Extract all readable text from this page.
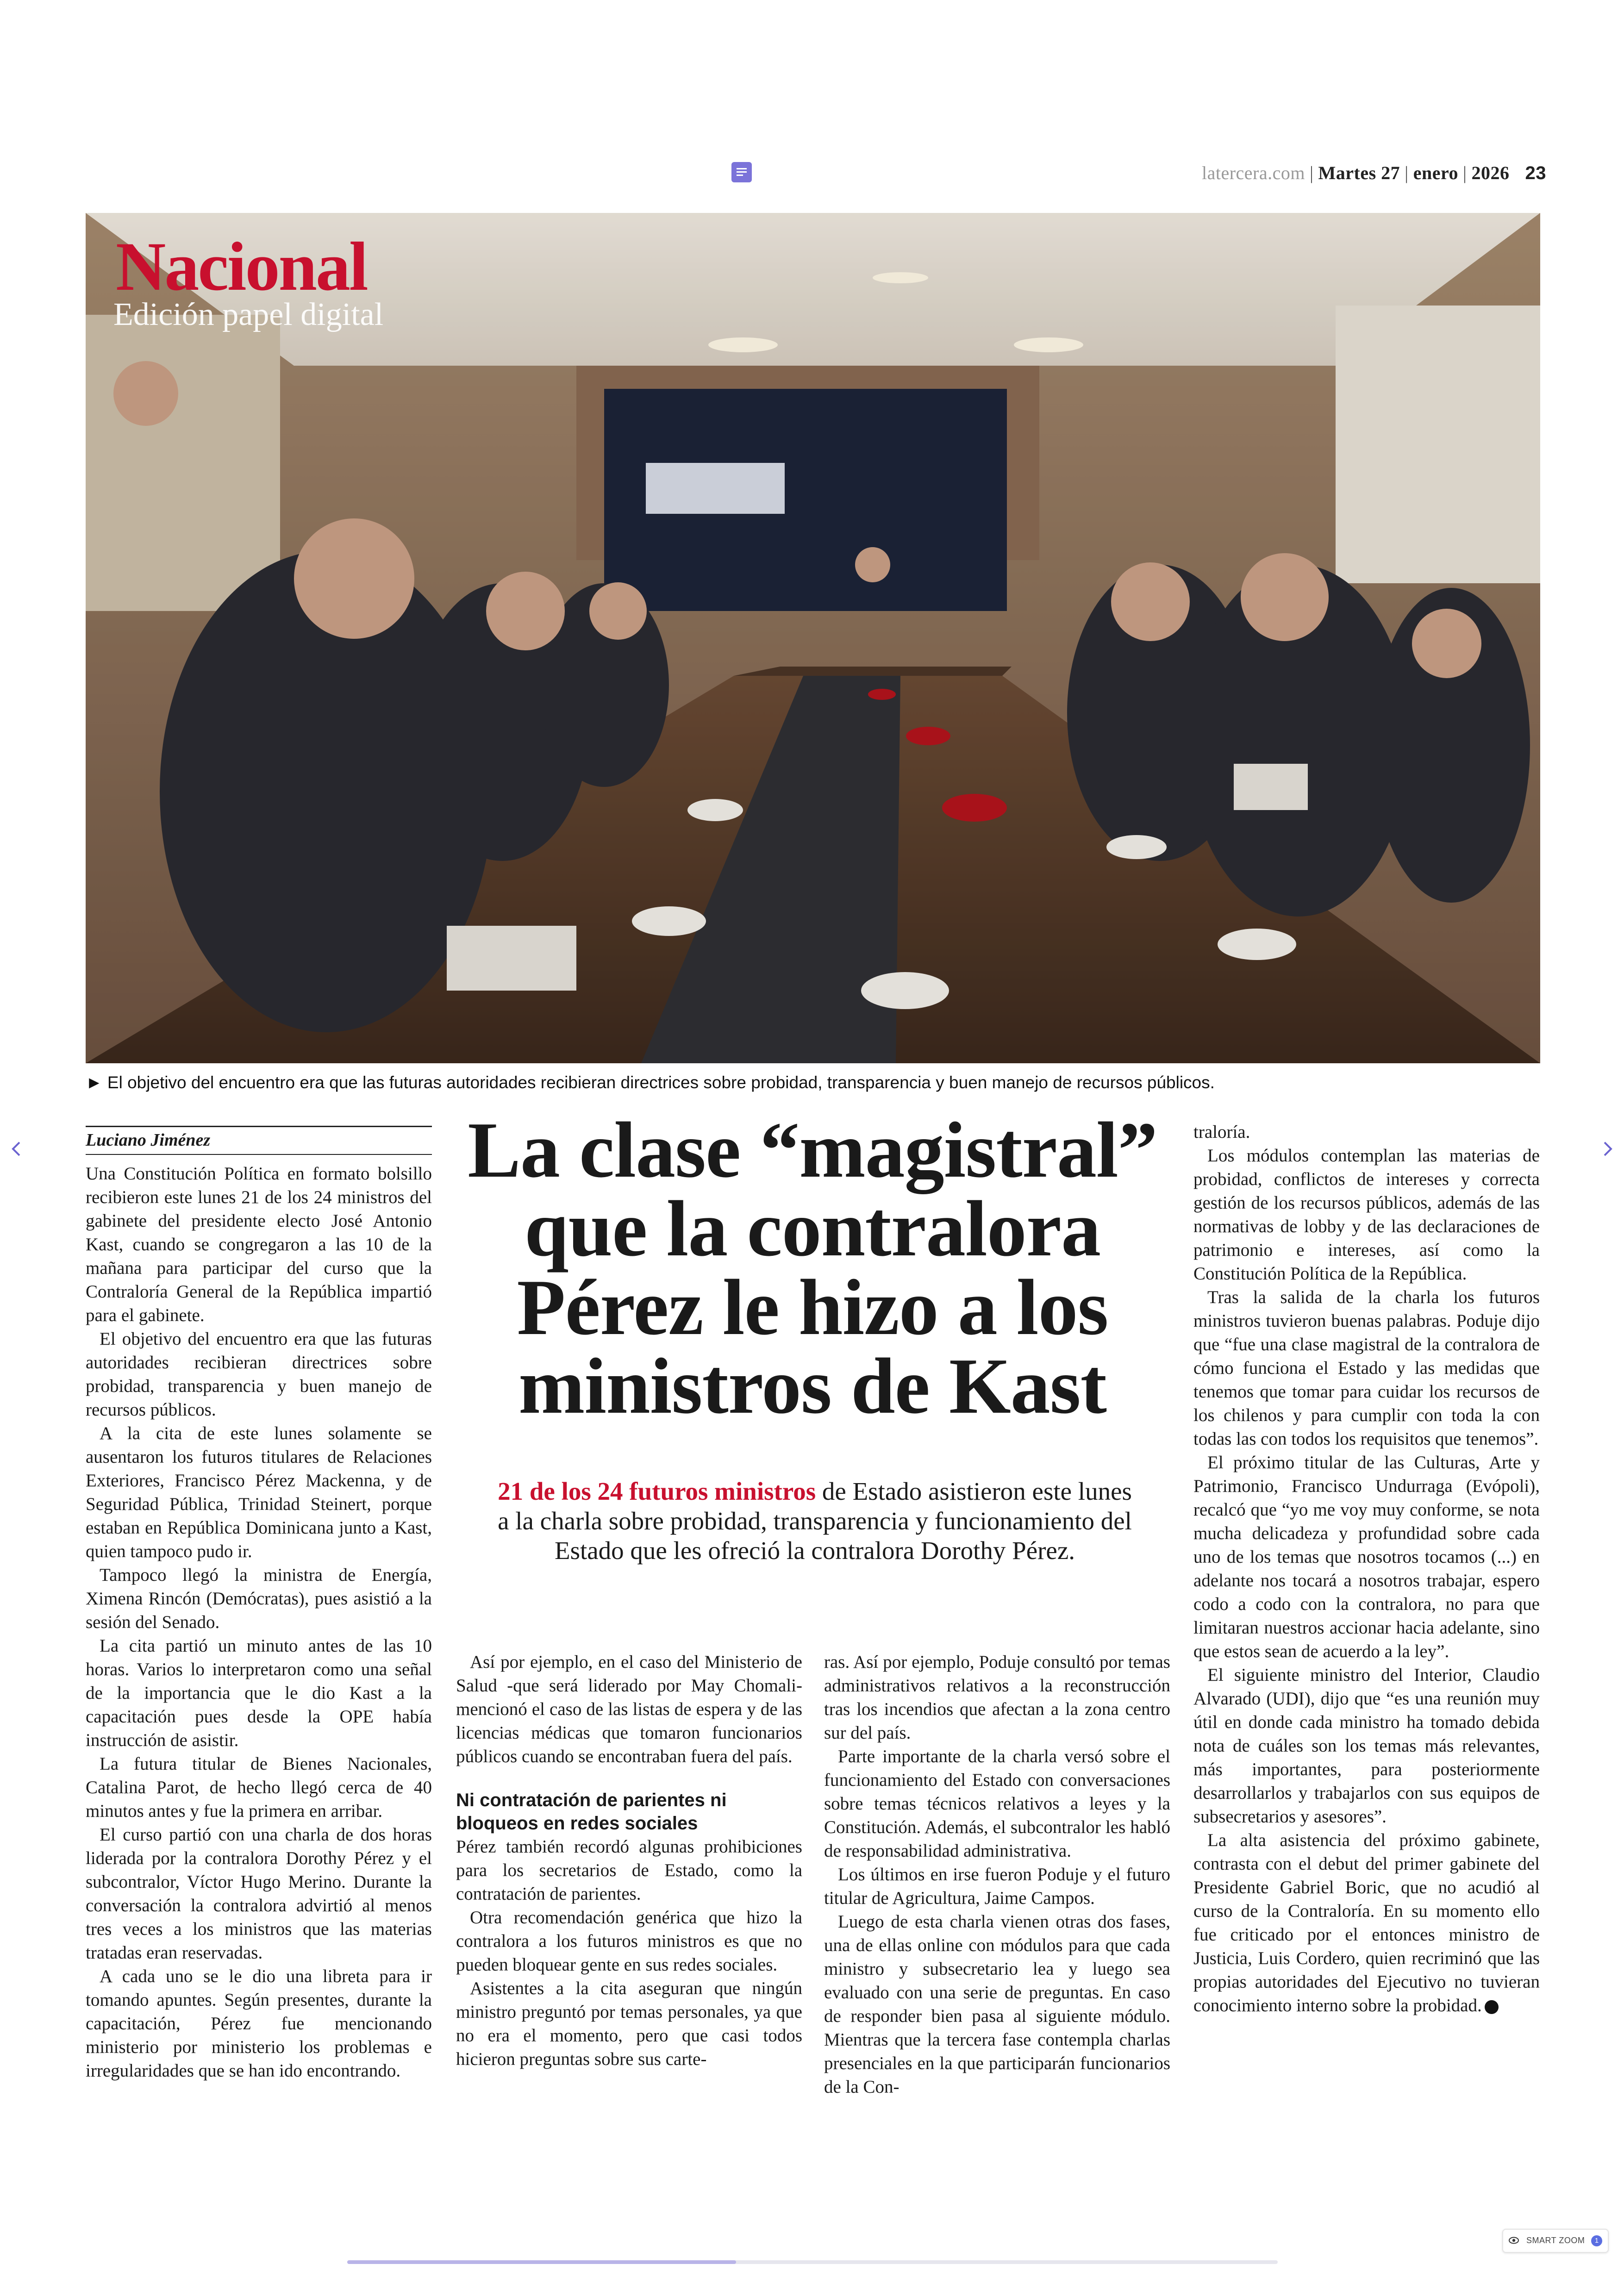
latercera.com | Martes 27 | enero | 2026 23
Nacional
Edición papel digital
► El objetivo del encuentro era que las futuras autoridades recibieran directrices sobre probidad, transparencia y buen manejo de recursos públicos.
Luciano Jiménez

Una Constitución Política en formato bolsillo recibieron este lunes 21 de los 24 ministros del gabinete del presidente electo José Antonio Kast, cuando se congregaron a las 10 de la mañana para participar del curso que la Contraloría General de la República impartió para el gabinete.

El objetivo del encuentro era que las futuras autoridades recibieran directrices sobre probidad, transparencia y buen manejo de recursos públicos.

A la cita de este lunes solamente se ausentaron los futuros titulares de Relaciones Exteriores, Francisco Pérez Mackenna, y de Seguridad Pública, Trinidad Steinert, porque estaban en República Dominicana junto a Kast, quien tampoco pudo ir.

Tampoco llegó la ministra de Energía, Ximena Rincón (Demócratas), pues asistió a la sesión del Senado.

La cita partió un minuto antes de las 10 horas. Varios lo interpretaron como una señal de la importancia que le dio Kast a la capacitación pues desde la OPE había instrucción de asistir.

La futura titular de Bienes Nacionales, Catalina Parot, de hecho llegó cerca de 40 minutos antes y fue la primera en arribar.

El curso partió con una charla de dos horas liderada por la contralora Dorothy Pérez y el subcontralor, Víctor Hugo Merino. Durante la conversación la contralora advirtió al menos tres veces a los ministros que las materias tratadas eran reservadas.

A cada uno se le dio una libreta para ir tomando apuntes. Según presentes, durante la capacitación, Pérez fue mencionando ministerio por ministerio los problemas e irregularidades que se han ido encontrando.

La clase “magistral” que la contralora Pérez le hizo a los ministros de Kast
21 de los 24 futuros ministros de Estado asistieron este lunes a la charla sobre probidad, transparencia y funcionamiento del Estado que les ofreció la contralora Dorothy Pérez.

Así por ejemplo, en el caso del Ministerio de Salud -que será liderado por May Chomali- mencionó el caso de las listas de espera y de las licencias médicas que tomaron funcionarios públicos cuando se encontraban fuera del país.

Ni contratación de parientes ni bloqueos en redes sociales

Pérez también recordó algunas prohibiciones para los secretarios de Estado, como la contratación de parientes.

Otra recomendación genérica que hizo la contralora a los futuros ministros es que no pueden bloquear gente en sus redes sociales.

Asistentes a la cita aseguran que ningún ministro preguntó por temas personales, ya que no era el momento, pero que casi todos hicieron preguntas sobre sus carte-

ras. Así por ejemplo, Poduje consultó por temas administrativos relativos a la reconstrucción tras los incendios que afectan a la zona centro sur del país.

Parte importante de la charla versó sobre el funcionamiento del Estado con conversaciones sobre temas técnicos relativos a leyes y la Constitución. Además, el subcontralor les habló de responsabilidad administrativa.

Los últimos en irse fueron Poduje y el futuro titular de Agricultura, Jaime Campos.

Luego de esta charla vienen otras dos fases, una de ellas online con módulos para que cada ministro y subsecretario lea y luego sea evaluado con una serie de preguntas. En caso de responder bien pasa al siguiente módulo. Mientras que la tercera fase contempla charlas presenciales en la que participarán funcionarios de la Con-

traloría.

Los módulos contemplan las materias de probidad, conflictos de intereses y correcta gestión de los recursos públicos, además de las normativas de lobby y de las declaraciones de patrimonio e intereses, así como la Constitución Política de la República.

Tras la salida de la charla los futuros ministros tuvieron buenas palabras. Poduje dijo que “fue una clase magistral de la contralora de cómo funciona el Estado y las medidas que tenemos que tomar para cuidar los recursos de los chilenos y para cumplir con toda la con todas las con todos los requisitos que tenemos”.

El próximo titular de las Culturas, Arte y Patrimonio, Francisco Undurraga (Evópoli), recalcó que “yo me voy muy conforme, se nota mucha delicadeza y profundidad sobre cada uno de los temas que nosotros tocamos (...) en adelante nos tocará a nosotros trabajar, espero codo a codo con la contralora, no para que limitaran nuestros accionar hacia adelante, sino que estos sean de acuerdo a la ley”.

El siguiente ministro del Interior, Claudio Alvarado (UDI), dijo que “es una reunión muy útil en donde cada ministro ha tomado debida nota de cuáles son los temas más relevantes, más importantes, para posteriormente desarrollarlos y trabajarlos con sus equipos de subsecretarios y asesores”.

La alta asistencia del próximo gabinete, contrasta con el debut del primer gabinete del Presidente Gabriel Boric, que no acudió al curso de la Contraloría. En su momento ello fue criticado por el entonces ministro de Justicia, Luis Cordero, quien recriminó que las propias autoridades del Ejecutivo no tuvieran conocimiento interno sobre la probidad.

SMART ZOOM	1
